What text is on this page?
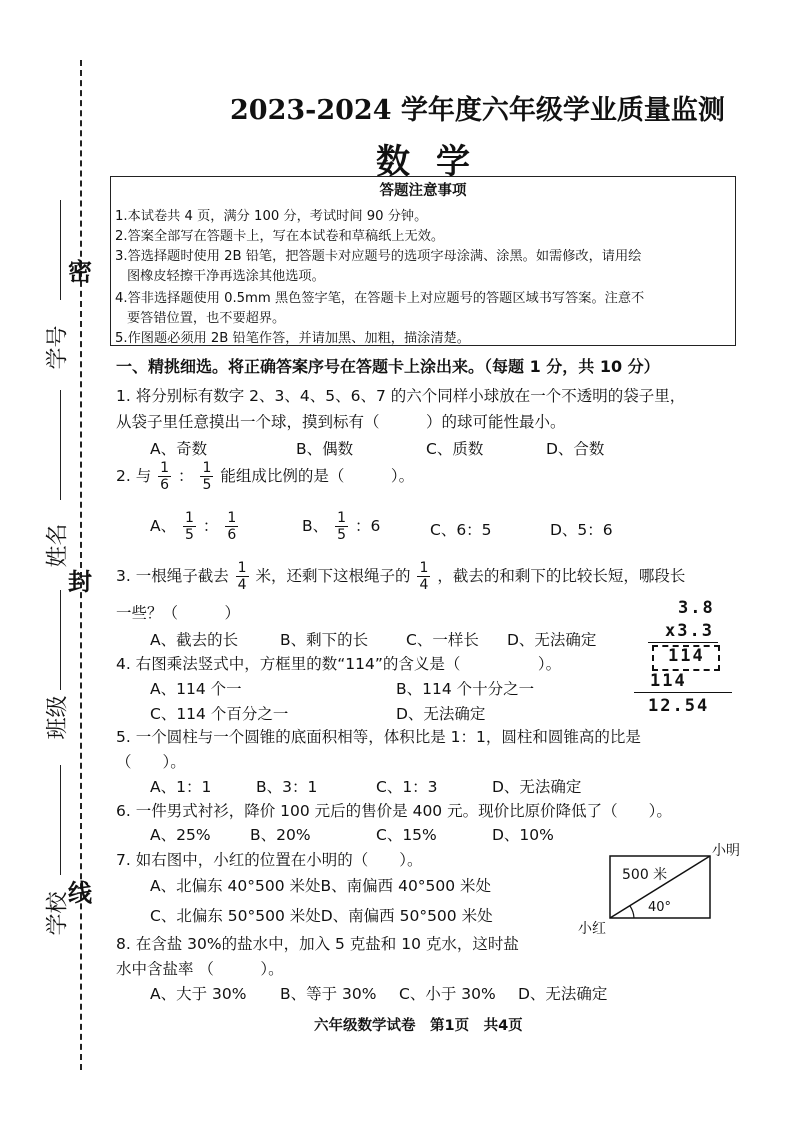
学号
姓名
班级
学校
密
封
线
2023-2024 学年度六年级学业质量监测
数学
答题注意事项
1.本试卷共 4 页，满分 100 分，考试时间 90 分钟。
2.答案全部写在答题卡上，写在本试卷和草稿纸上无效。
3.答选择题时使用 2B 铅笔，把答题卡对应题号的选项字母涂满、涂黑。如需修改，请用绘
图橡皮轻擦干净再选涂其他选项。
4.答非选择题使用 0.5mm 黑色签字笔，在答题卡上对应题号的答题区域书写答案。注意不
要答错位置，也不要超界。
5.作图题必须用 2B 铅笔作答，并请加黑、加粗，描涂清楚。
一、精挑细选。将正确答案序号在答题卡上涂出来。（每题 1 分，共 10 分）
1. 将分别标有数字 2、3、4、5、6、7 的六个同样小球放在一个不透明的袋子里，
从袋子里任意摸出一个球，摸到标有（　　　）的球可能性最小。
A、奇数	B、偶数	C、质数	D、合数
2. 与 $\frac{1}{6}$ ： $\frac{1}{5}$ 能组成比例的是（　　　）。
A、 $\frac{1}{5}$ ： $\frac{1}{6}$	B、 $\frac{1}{5}$ ：6	C、6：5	D、5：6
3. 一根绳子截去 $\frac{1}{4}$ 米，还剩下这根绳子的 $\frac{1}{4}$ ，截去的和剩下的比较长短，哪段长
一些？（　　　）
A、截去的长	B、剩下的长 C、一样长 D、无法确定
3.8
x3.3
114
114
12.54
4. 右图乘法竖式中，方框里的数“114”的含义是（　　　　　）。
A、114 个一	B、114 个十分之一
C、114 个百分之一	D、无法确定
5. 一个圆柱与一个圆锥的底面积相等，体积比是 1：1，圆柱和圆锥高的比是
（　　）。
A、1：1	B、3：1	C、1：3	D、无法确定
6. 一件男式衬衫，降价 100 元后的售价是 400 元。现价比原价降低了（　　）。
A、25%	B、20%	C、15%	D、10%
7. 如右图中，小红的位置在小明的（　　）。
A、北偏东 40°500 米处B、南偏西 40°500 米处
C、北偏东 50°500 米处D、南偏西 50°500 米处
小明
小红
500 米
40°
8. 在含盐 30%的盐水中，加入 5 克盐和 10 克水，这时盐
水中含盐率 （　　　）。
A、大于 30% B、等于 30% C、小于 30% D、无法确定
六年级数学试卷　第1页　共4页
